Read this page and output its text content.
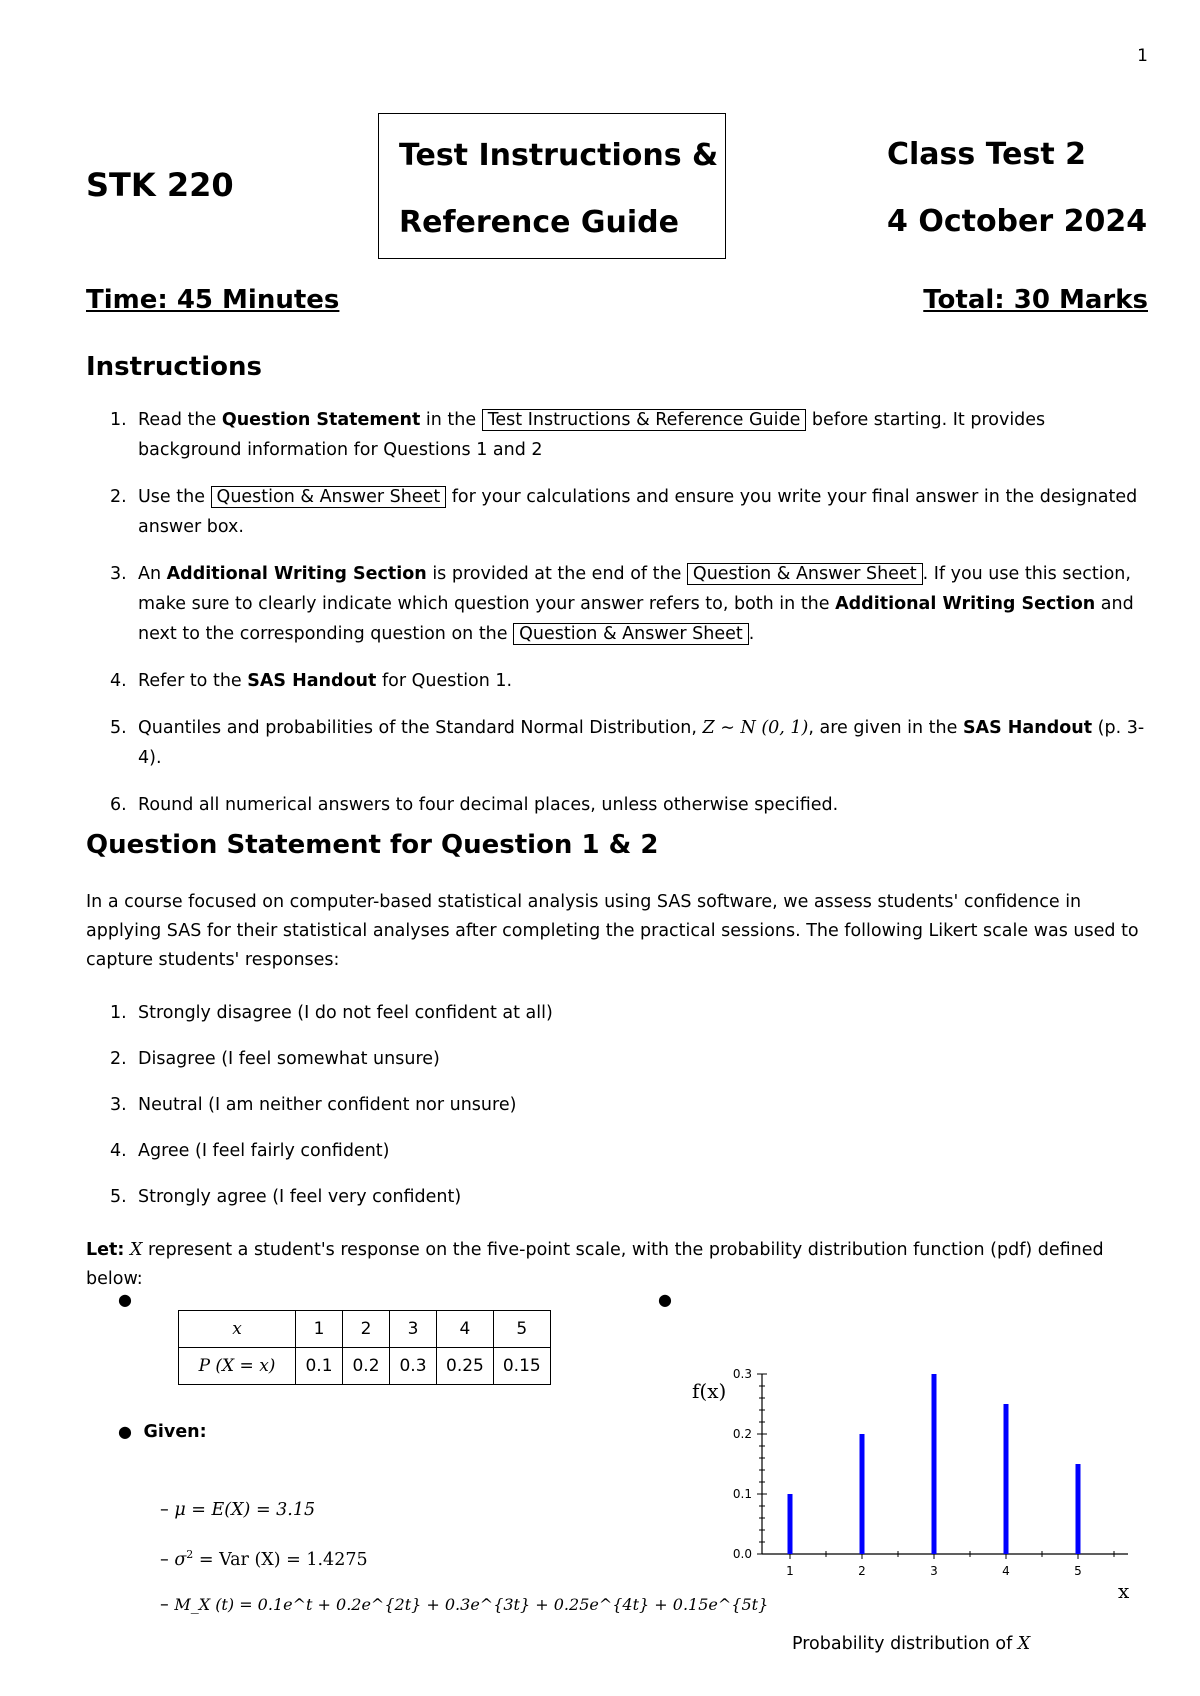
1
STK 220
Test Instructions &
Reference Guide
Class Test 2
4 October 2024
Time: 45 Minutes	Total: 30 Marks
Instructions
1. Read the Question Statement in the Test Instructions & Reference Guide before starting. It provides background information for Questions 1 and 2
2. Use the Question & Answer Sheet for your calculations and ensure you write your final answer in the designated answer box.
3. An Additional Writing Section is provided at the end of the Question & Answer Sheet . If you use this section, make sure to clearly indicate which question your answer refers to, both in the Additional Writing Section and next to the corresponding question on the Question & Answer Sheet .
4. Refer to the SAS Handout for Question 1.
5. Quantiles and probabilities of the Standard Normal Distribution, Z ∼ N (0, 1), are given in the SAS Handout (p. 3-4).
6. Round all numerical answers to four decimal places, unless otherwise specified.
Question Statement for Question 1 & 2
In a course focused on computer-based statistical analysis using SAS software, we assess students' confidence in applying SAS for their statistical analyses after completing the practical sessions. The following Likert scale was used to capture students' responses:
1. Strongly disagree (I do not feel confident at all)
2. Disagree (I feel somewhat unsure)
3. Neutral (I am neither confident nor unsure)
4. Agree (I feel fairly confident)
5. Strongly agree (I feel very confident)
Let: X represent a student's response on the five-point scale, with the probability distribution function (pdf) defined below:
●
x	1	2	3	4	5
P (X = x)	0.1	0.2	0.3	0.25	0.15
● Given:
– μ = E(X) = 3.15
– $\sigma^2$ = Var (X) = 1.4275
– M_X (t) = 0.1e^t + 0.2e^{2t} + 0.3e^{3t} + 0.25e^{4t} + 0.15e^{5t}
●
f(x)
x
0.0
0.1
0.2
0.3
1	2	3	4	5
Probability distribution of X
